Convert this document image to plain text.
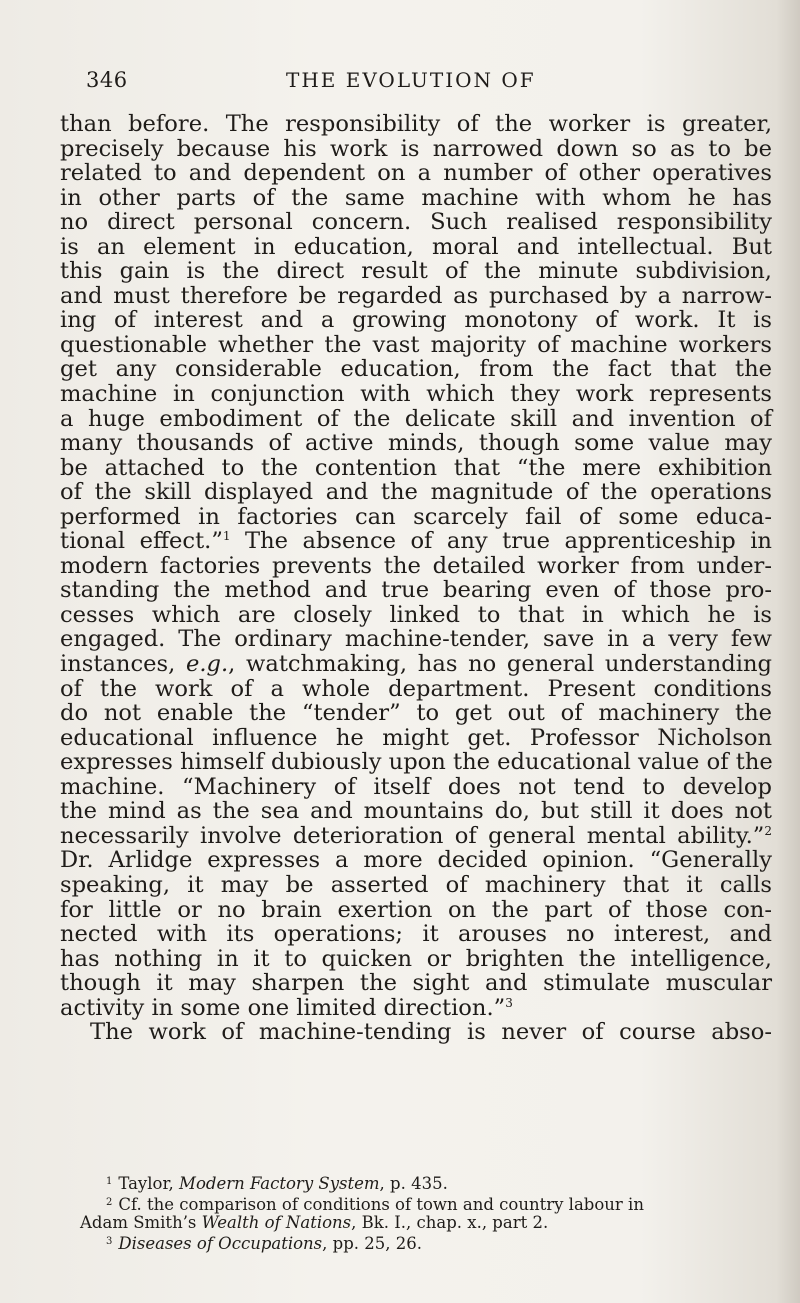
346	THE EVOLUTION OF
than before. The responsibility of the worker is greater,
precisely because his work is narrowed down so as to be
related to and dependent on a number of other operatives
in other parts of the same machine with whom he has
no direct personal concern. Such realised responsibility
is an element in education, moral and intellectual. But
this gain is the direct result of the minute subdivision,
and must therefore be regarded as purchased by a narrow-
ing of interest and a growing monotony of work. It is
questionable whether the vast majority of machine workers
get any considerable education, from the fact that the
machine in conjunction with which they work represents
a huge embodiment of the delicate skill and invention of
many thousands of active minds, though some value may
be attached to the contention that “the mere exhibition
of the skill displayed and the magnitude of the operations
performed in factories can scarcely fail of some educa-
tional effect.”$^1$ The absence of any true apprenticeship in
modern factories prevents the detailed worker from under-
standing the method and true bearing even of those pro-
cesses which are closely linked to that in which he is
engaged. The ordinary machine-tender, save in a very few
instances, e.g., watchmaking, has no general understanding
of the work of a whole department. Present conditions
do not enable the “tender” to get out of machinery the
educational influence he might get. Professor Nicholson
expresses himself dubiously upon the educational value of the
machine. “Machinery of itself does not tend to develop
the mind as the sea and mountains do, but still it does not
necessarily involve deterioration of general mental ability.”$^2$
Dr. Arlidge expresses a more decided opinion. “Generally
speaking, it may be asserted of machinery that it calls
for little or no brain exertion on the part of those con-
nected with its operations; it arouses no interest, and
has nothing in it to quicken or brighten the intelligence,
though it may sharpen the sight and stimulate muscular
activity in some one limited direction.”$^3$
The work of machine-tending is never of course abso-
$^1$ Taylor, Modern Factory System, p. 435.
$^2$ Cf. the comparison of conditions of town and country labour in
Adam Smith’s Wealth of Nations, Bk. I., chap. x., part 2.
$^3$ Diseases of Occupations, pp. 25, 26.
